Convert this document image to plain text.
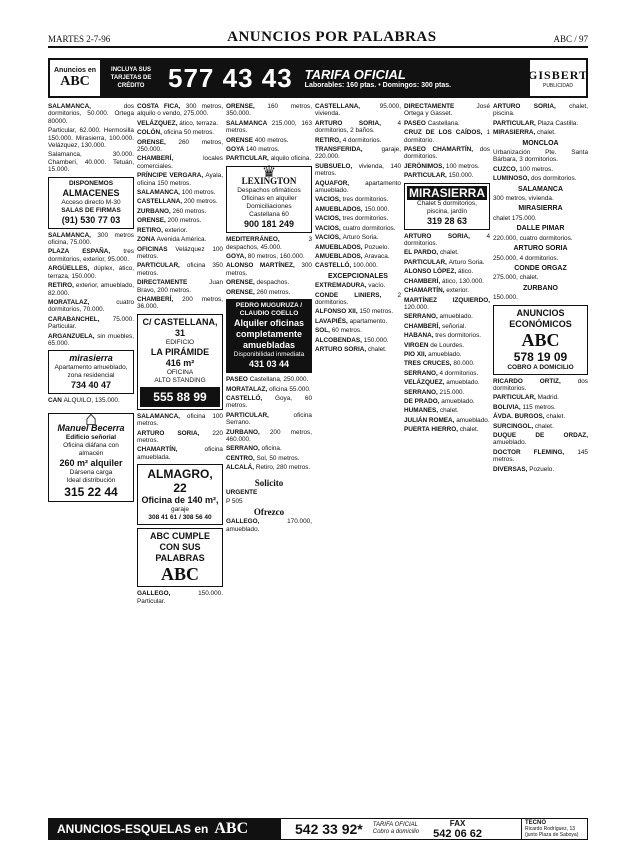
MARTES 2-7-96	ANUNCIOS POR PALABRAS	ABC / 97
Anuncios en
ABC
INCLUYA SUS TARJETAS DE CRÉDITO 577 43 43 TARIFA OFICIAL
Laborables: 160 ptas. • Domingos: 300 ptas.
GISBERT
PUBLICIDAD
SALAMANCA, dos dormitorios, 50.000. Ortega 80000.
Particular, 62.000. Hermosilla 150.000. Mirasierra, 100.000. Velázquez, 130.000.
Salamanca, 30.000. Chamberí, 40.000. Tetuán, 15.000.
DISPONEMOS
ALMACENES
Acceso directo M-30
SALAS DE FIRMAS
(91) 530 77 03
SALAMANCA, 300 metros oficina, 75.000.
PLAZA ESPAÑA, tres dormitorios, exterior, 95.000.
ARGÜELLES, dúplex, ático, terraza, 150.000.
RETIRO, exterior, amueblado, 82.000.
MORATALAZ, cuatro dormitorios, 70.000.
CARABANCHEL, 75.000. Particular.
ARGANZUELA, sin muebles, 65.000.
mirasierra
Apartamento amueblado, zona residencial
734 40 47
CAN ALQUILO, 135.000.
⌂
Manuel Becerra
Edificio señorial
Oficina diáfana con almacén
260 m² alquiler
Dársena carga
Ideal distribución
315 22 44
COSTA FICA, 300 metros, alquilo o vendo, 275.000.
VELÁZQUEZ, ático, terraza.
COLÓN, oficina 50 metros.
ORENSE, 260 metros, 250.000.
CHAMBERÍ, locales comerciales.
PRÍNCIPE VERGARA, Ayala, oficina 150 metros.
SALAMANCA, 100 metros.
CASTELLANA, 200 metros.
ZURBANO, 260 metros.
ORENSE, 200 metros.
RETIRO, exterior.
ZONA Avenida América.
OFICINAS Velázquez 100 metros.
PARTICULAR, oficina 350 metros.
DIRECTAMENTE Juan Bravo, 200 metros.
CHAMBERÍ, 200 metros, 36.000.
C/ CASTELLANA, 31
EDIFICIO
LA PIRÁMIDE
416 m²
OFICINA
ALTO STANDING
555 88 99
SALAMANCA, oficina 100 metros.
ARTURO SORIA, 220 metros.
CHAMARTÍN, oficina amueblada.
ALMAGRO, 22
Oficina de 140 m²,
garaje
308 41 61 / 308 56 40
ABC CUMPLE
CON SUS
PALABRAS
ABC
GALLEGO, 150.000. Particular.
ORENSE, 160 metros, 350.000.
SALAMANCA 215.000, 163 metros.
ORENSE 400 metros.
GOYA 140 metros.
PARTICULAR, alquilo oficina.
♛
LEXINGTON
Despachos ofimáticos
Oficinas en alquiler
Domiciliaciones
Castellana 60
900 181 249
MEDITERRÁNEO, 3 despachos, 45.000.
GOYA, 80 metros, 160.000.
ALONSO MARTÍNEZ, 300 metros.
ORENSE, despachos.
ORENSE, 260 metros.
PEDRO MUGURUZA / CLAUDIO COELLO
Alquiler oficinas
completamente
amuebladas
Disponibilidad inmediata
431 03 44
PASEO Castellana, 250.000.
MORATALAZ, oficina 55.000.
CASTELLÓ, Goya, 60 metros.
PARTICULAR, oficina Serrano.
ZURBANO, 200 metros, 460.000.
SERRANO, oficina.
CENTRO, Sol, 50 metros.
ALCALÁ, Retiro, 280 metros.
Solicito
URGENTE
P 505
Ofrezco
GALLEGO, 170.000, amueblado.
CASTELLANA, 95.000, vivienda.
ARTURO SORIA, 4 dormitorios, 2 baños.
RETIRO, 4 dormitorios.
TRANSFERIDA, garaje, 220.000.
SUBSUELO, vivienda, 140 metros.
AQUAFOR, apartamento amueblado.
VACIOS, tres dormitorios.
AMUEBLADOS, 150.000.
VACIOS, tres dormitorios.
VACIOS, cuatro dormitorios.
VACIOS, Arturo Soria.
AMUEBLADOS, Pozuelo.
AMUEBLADOS, Aravaca.
CASTELLÓ, 100.000.
EXCEPCIONALES
EXTREMADURA, vacío.
CONDE LINIERS, 2 dormitorios.
ALFONSO XII, 150 metros.
LAVAPIÉS, apartamento.
SOL, 60 metros.
ALCOBENDAS, 150.000.
ARTURO SORIA, chalet.
DIRECTAMENTE José Ortega y Gasset.
PASEO Castellana.
CRUZ DE LOS CAÍDOS, 1 dormitorio.
PASEO CHAMARTÍN, dos dormitorios.
JERÓNIMOS, 100 metros.
PARTICULAR, 150.000.
MIRASIERRA
Chalet 5 dormitorios, piscina, jardín
319 28 63
ARTURO SORIA, 4 dormitorios.
EL PARDO, chalet.
PARTICULAR, Arturo Soria.
ALONSO LÓPEZ, ático.
CHAMBERÍ, ático, 130.000.
CHAMARTÍN, exterior.
MARTÍNEZ IZQUIERDO, 120.000.
SERRANO, amueblado.
CHAMBERÍ, señorial.
HABANA, tres dormitorios.
VIRGEN de Lourdes.
PIO XII, amueblado.
TRES CRUCES, 80.000.
SERRANO, 4 dormitorios.
VELÁZQUEZ, amueblado.
SERRANO, 215.000.
DE PRADO, amueblado.
HUMANES, chalet.
JULIÁN ROMEA, amueblado.
PUERTA HIERRO, chalet.
ARTURO SORIA, chalet, piscina.
PARTICULAR, Plaza Castilla.
MIRASIERRA, chalet.
MONCLOA
Urbanización Pte. Santa Bárbara, 3 dormitorios.
CUZCO, 100 metros.
LUMINOSO, dos dormitorios.
SALAMANCA
300 metros, vivienda.
MIRASIERRA
chalet 175.000.
DALLE PIMAR
220.000, cuatro dormitorios.
ARTURO SORIA
250.000, 4 dormitorios.
CONDE ORGAZ
275.000, chalet.
ZURBANO
150.000.
ANUNCIOS
ECONÓMICOS
ABC
578 19 09
COBRO A DOMICILIO
RICARDO ORTIZ, dos dormitorios.
PARTICULAR, Madrid.
BOLIVIA, 115 metros.
ÁVDA. BURGOS, chalet.
SURCINGOL, chalet.
DUQUE DE ORDAZ, amueblado.
DOCTOR FLEMING, 145 metros.
DIVERSAS, Pozuelo.
ANUNCIOS-ESQUELAS en ABC	542 33 92* TARIFA OFICIAL
Cobro a domicilio
FAX
542 06 62
TECNO
Ricardo Rodríguez, 13
(junto Plaza de Saboya)
